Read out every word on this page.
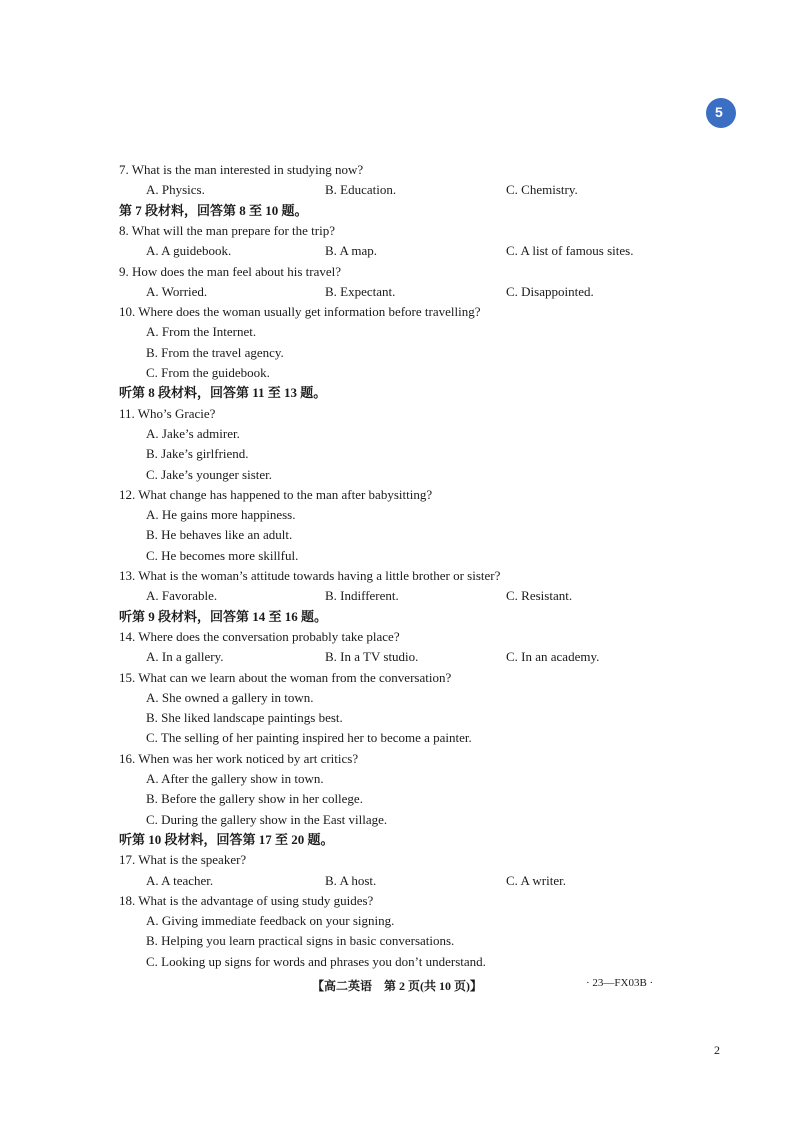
5
7. What is the man interested in studying now?
A. Physics.	B. Education.	C. Chemistry.
第 7 段材料，回答第 8 至 10 题。
8. What will the man prepare for the trip?
A. A guidebook.	B. A map.	C. A list of famous sites.
9. How does the man feel about his travel?
A. Worried.	B. Expectant.	C. Disappointed.
10. Where does the woman usually get information before travelling?
A. From the Internet.
B. From the travel agency.
C. From the guidebook.
听第 8 段材料，回答第 11 至 13 题。
11. Who’s Gracie?
A. Jake’s admirer.
B. Jake’s girlfriend.
C. Jake’s younger sister.
12. What change has happened to the man after babysitting?
A. He gains more happiness.
B. He behaves like an adult.
C. He becomes more skillful.
13. What is the woman’s attitude towards having a little brother or sister?
A. Favorable.	B. Indifferent.	C. Resistant.
听第 9 段材料，回答第 14 至 16 题。
14. Where does the conversation probably take place?
A. In a gallery.	B. In a TV studio.	C. In an academy.
15. What can we learn about the woman from the conversation?
A. She owned a gallery in town.
B. She liked landscape paintings best.
C. The selling of her painting inspired her to become a painter.
16. When was her work noticed by art critics?
A. After the gallery show in town.
B. Before the gallery show in her college.
C. During the gallery show in the East village.
听第 10 段材料，回答第 17 至 20 题。
17. What is the speaker?
A. A teacher.	B. A host.	C. A writer.
18. What is the advantage of using study guides?
A. Giving immediate feedback on your signing.
B. Helping you learn practical signs in basic conversations.
C. Looking up signs for words and phrases you don’t understand.
【高二英语　第 2 页(共 10 页)】	· 23—FX03B ·
2
